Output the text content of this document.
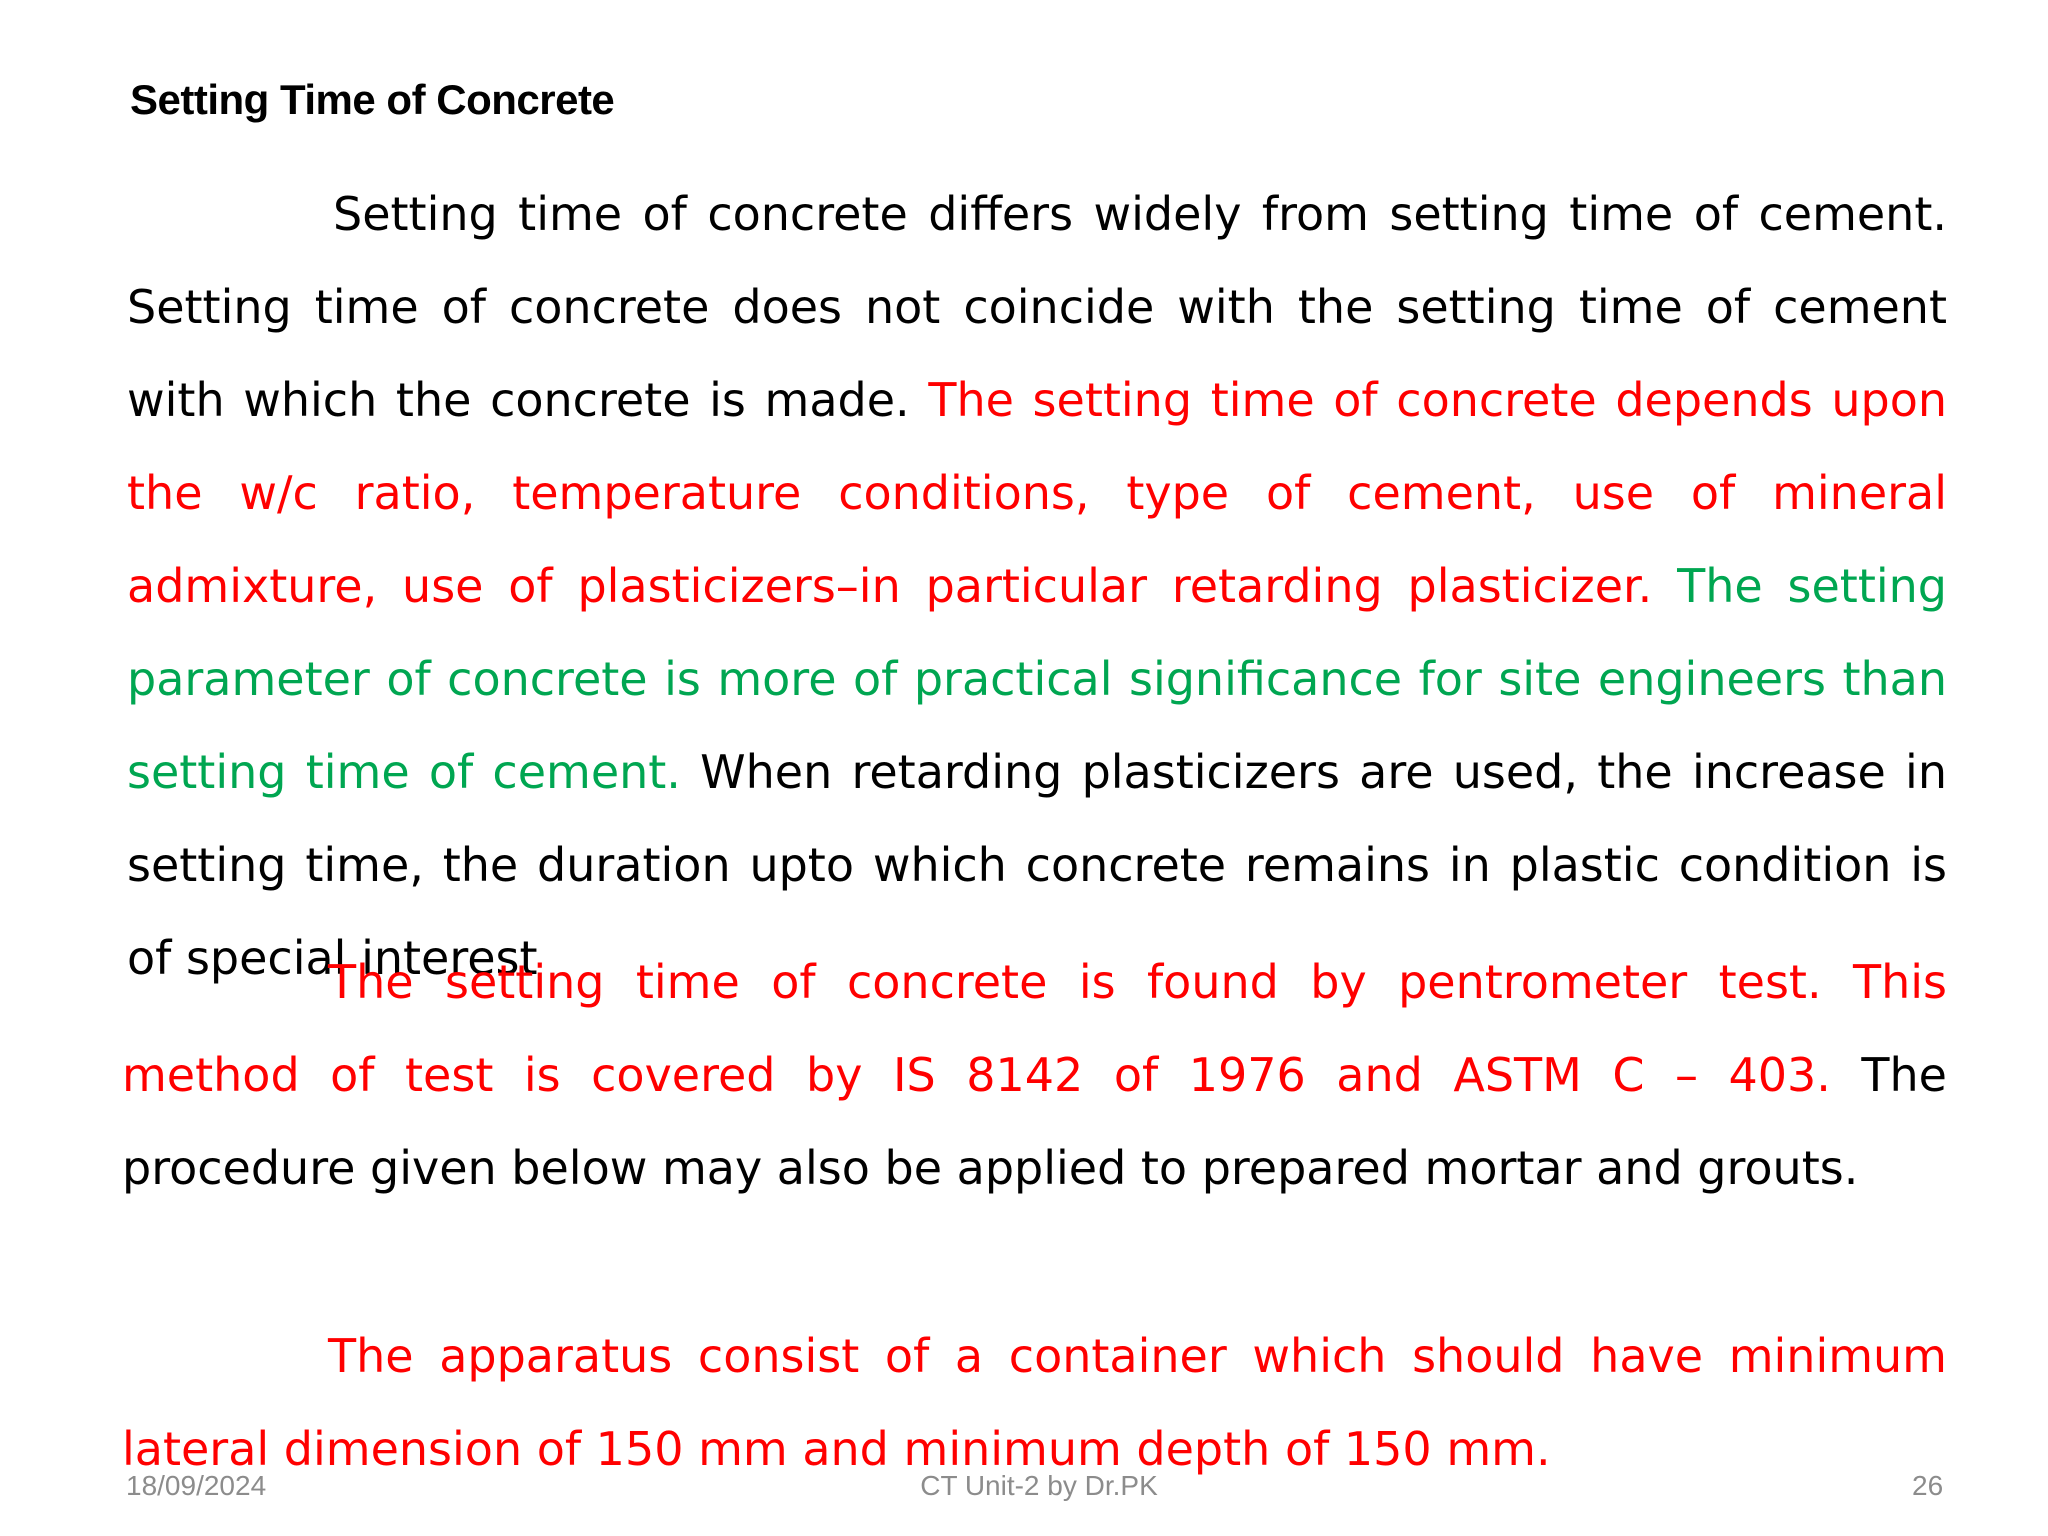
Setting Time of Concrete

Setting time of concrete differs widely from setting time of cement. Setting time of concrete does not coincide with the setting time of cement with which the concrete is made. The setting time of concrete depends upon the w/c ratio, temperature conditions, type of cement, use of mineral admixture, use of plasticizers–in particular retarding plasticizer. The setting parameter of concrete is more of practical significance for site engineers than setting time of cement. When retarding plasticizers are used, the increase in setting time, the duration upto which concrete remains in plastic condition is of special interest

The setting time of concrete is found by pentrometer test. This method of test is covered by IS 8142 of 1976 and ASTM C – 403. The procedure given below may also be applied to prepared mortar and grouts.

The apparatus consist of a container which should have minimum lateral dimension of 150 mm and minimum depth of 150 mm.

18/09/2024	CT Unit-2 by Dr.PK	26
